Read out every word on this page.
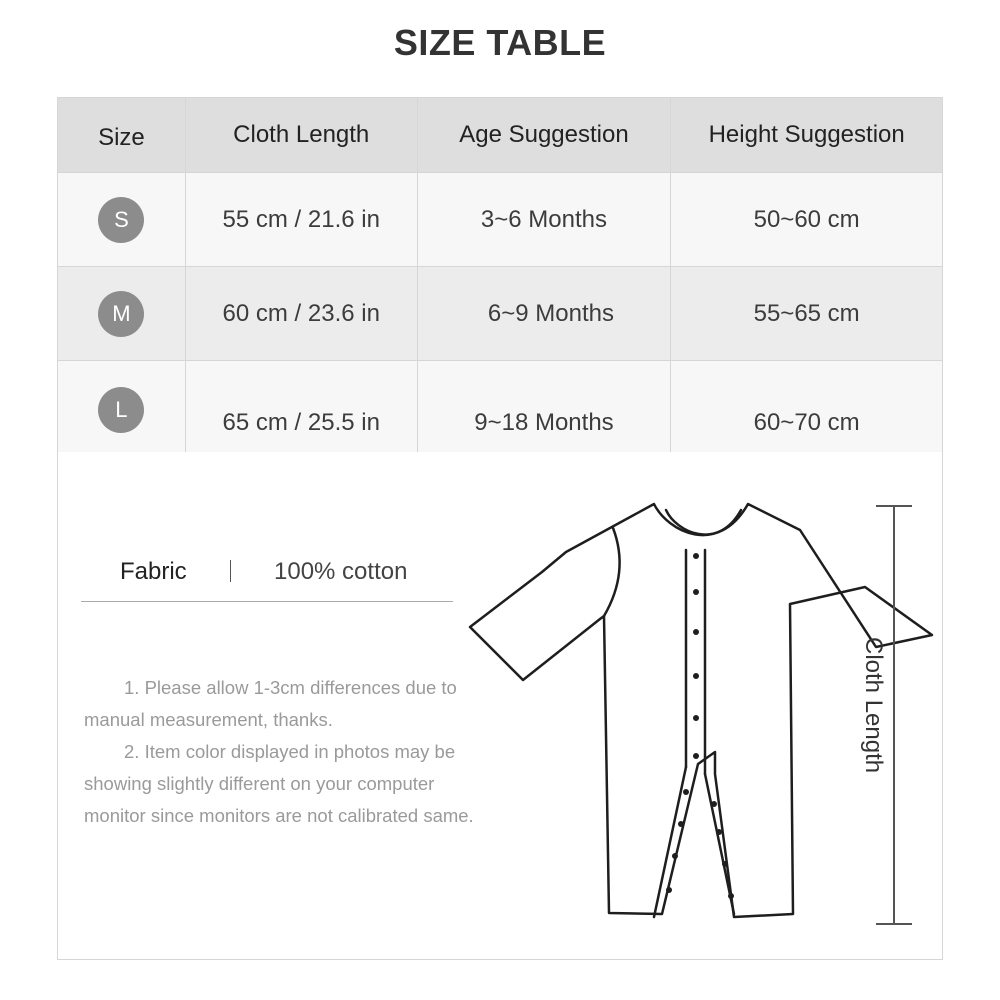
SIZE TABLE
Size	Cloth Length	Age Suggestion	Height Suggestion
S	55 cm / 21.6 in	3~6 Months	50~60 cm
M	60 cm / 23.6 in	6~9 Months	55~65 cm
L	65 cm / 25.5 in	9~18 Months	60~70 cm
Fabric	100% cotton

1. Please allow 1-3cm differences due to manual measurement, thanks.

2. Item color displayed in photos may be showing slightly different on your computer monitor since monitors are not calibrated same.

Cloth Length
